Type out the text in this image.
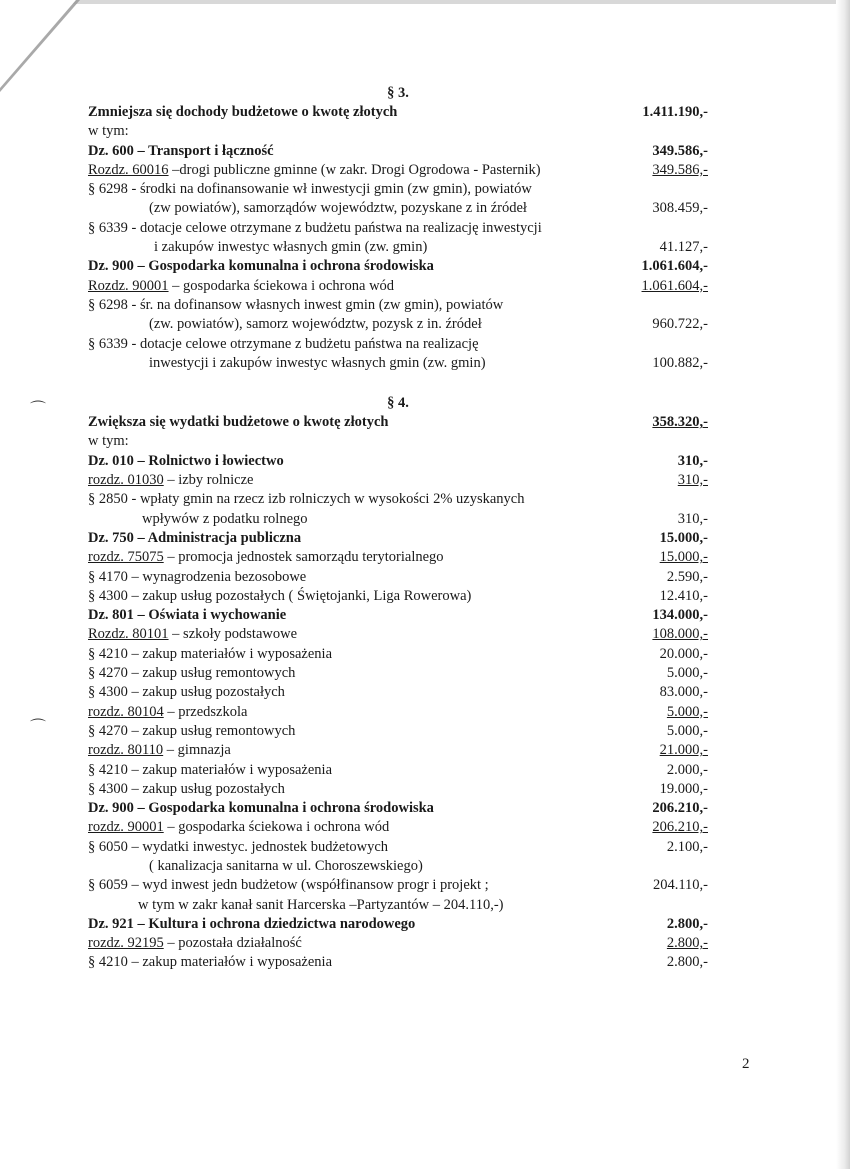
⌒
⌒
§ 3.
Zmniejsza się dochody budżetowe o kwotę złotych	1.411.190,-
w tym:
Dz. 600 – Transport i łączność	349.586,-
Rozdz. 60016 –drogi publiczne gminne (w zakr. Drogi Ogrodowa - Pasternik)	349.586,-
§ 6298 - środki na dofinansowanie wł inwestycji gmin (zw gmin), powiatów
(zw powiatów), samorządów województw, pozyskane z in źródeł	308.459,-
§ 6339 - dotacje celowe otrzymane z budżetu państwa na realizację inwestycji
i zakupów inwestyc własnych gmin (zw. gmin)	41.127,-
Dz. 900 – Gospodarka komunalna i ochrona środowiska	1.061.604,-
Rozdz. 90001 – gospodarka ściekowa i ochrona wód	1.061.604,-
§ 6298 - śr. na dofinansow własnych inwest gmin (zw gmin), powiatów
(zw. powiatów), samorz województw, pozysk z in. źródeł	960.722,-
§ 6339 - dotacje celowe otrzymane z budżetu państwa na realizację
inwestycji i zakupów inwestyc własnych gmin (zw. gmin)	100.882,-
§ 4.
Zwiększa się wydatki budżetowe o kwotę złotych	358.320,-
w tym:
Dz. 010 – Rolnictwo i łowiectwo	310,-
rozdz. 01030 – izby rolnicze	310,-
§ 2850 - wpłaty gmin na rzecz izb rolniczych w wysokości 2% uzyskanych
wpływów z podatku rolnego	310,-
Dz. 750 – Administracja publiczna	15.000,-
rozdz. 75075 – promocja jednostek samorządu terytorialnego	15.000,-
§ 4170 – wynagrodzenia bezosobowe	2.590,-
§ 4300 – zakup usług pozostałych ( Świętojanki, Liga Rowerowa)	12.410,-
Dz. 801 – Oświata i wychowanie	134.000,-
Rozdz. 80101 – szkoły podstawowe	108.000,-
§ 4210 – zakup materiałów i wyposażenia	20.000,-
§ 4270 – zakup usług remontowych	5.000,-
§ 4300 – zakup usług pozostałych	83.000,-
rozdz. 80104 – przedszkola	5.000,-
§ 4270 – zakup usług remontowych	5.000,-
rozdz. 80110 – gimnazja	21.000,-
§ 4210 – zakup materiałów i wyposażenia	2.000,-
§ 4300 – zakup usług pozostałych	19.000,-
Dz. 900 – Gospodarka komunalna i ochrona środowiska	206.210,-
rozdz. 90001 – gospodarka ściekowa i ochrona wód	206.210,-
§ 6050 – wydatki inwestyc. jednostek budżetowych	2.100,-
( kanalizacja sanitarna w ul. Choroszewskiego)
§ 6059 – wyd inwest jedn budżetow (współfinansow progr i projekt ;	204.110,-
w tym w zakr kanał sanit Harcerska –Partyzantów – 204.110,-)
Dz. 921 – Kultura i ochrona dziedzictwa narodowego	2.800,-
rozdz. 92195 – pozostała działalność	2.800,-
§ 4210 – zakup materiałów i wyposażenia	2.800,-
2
